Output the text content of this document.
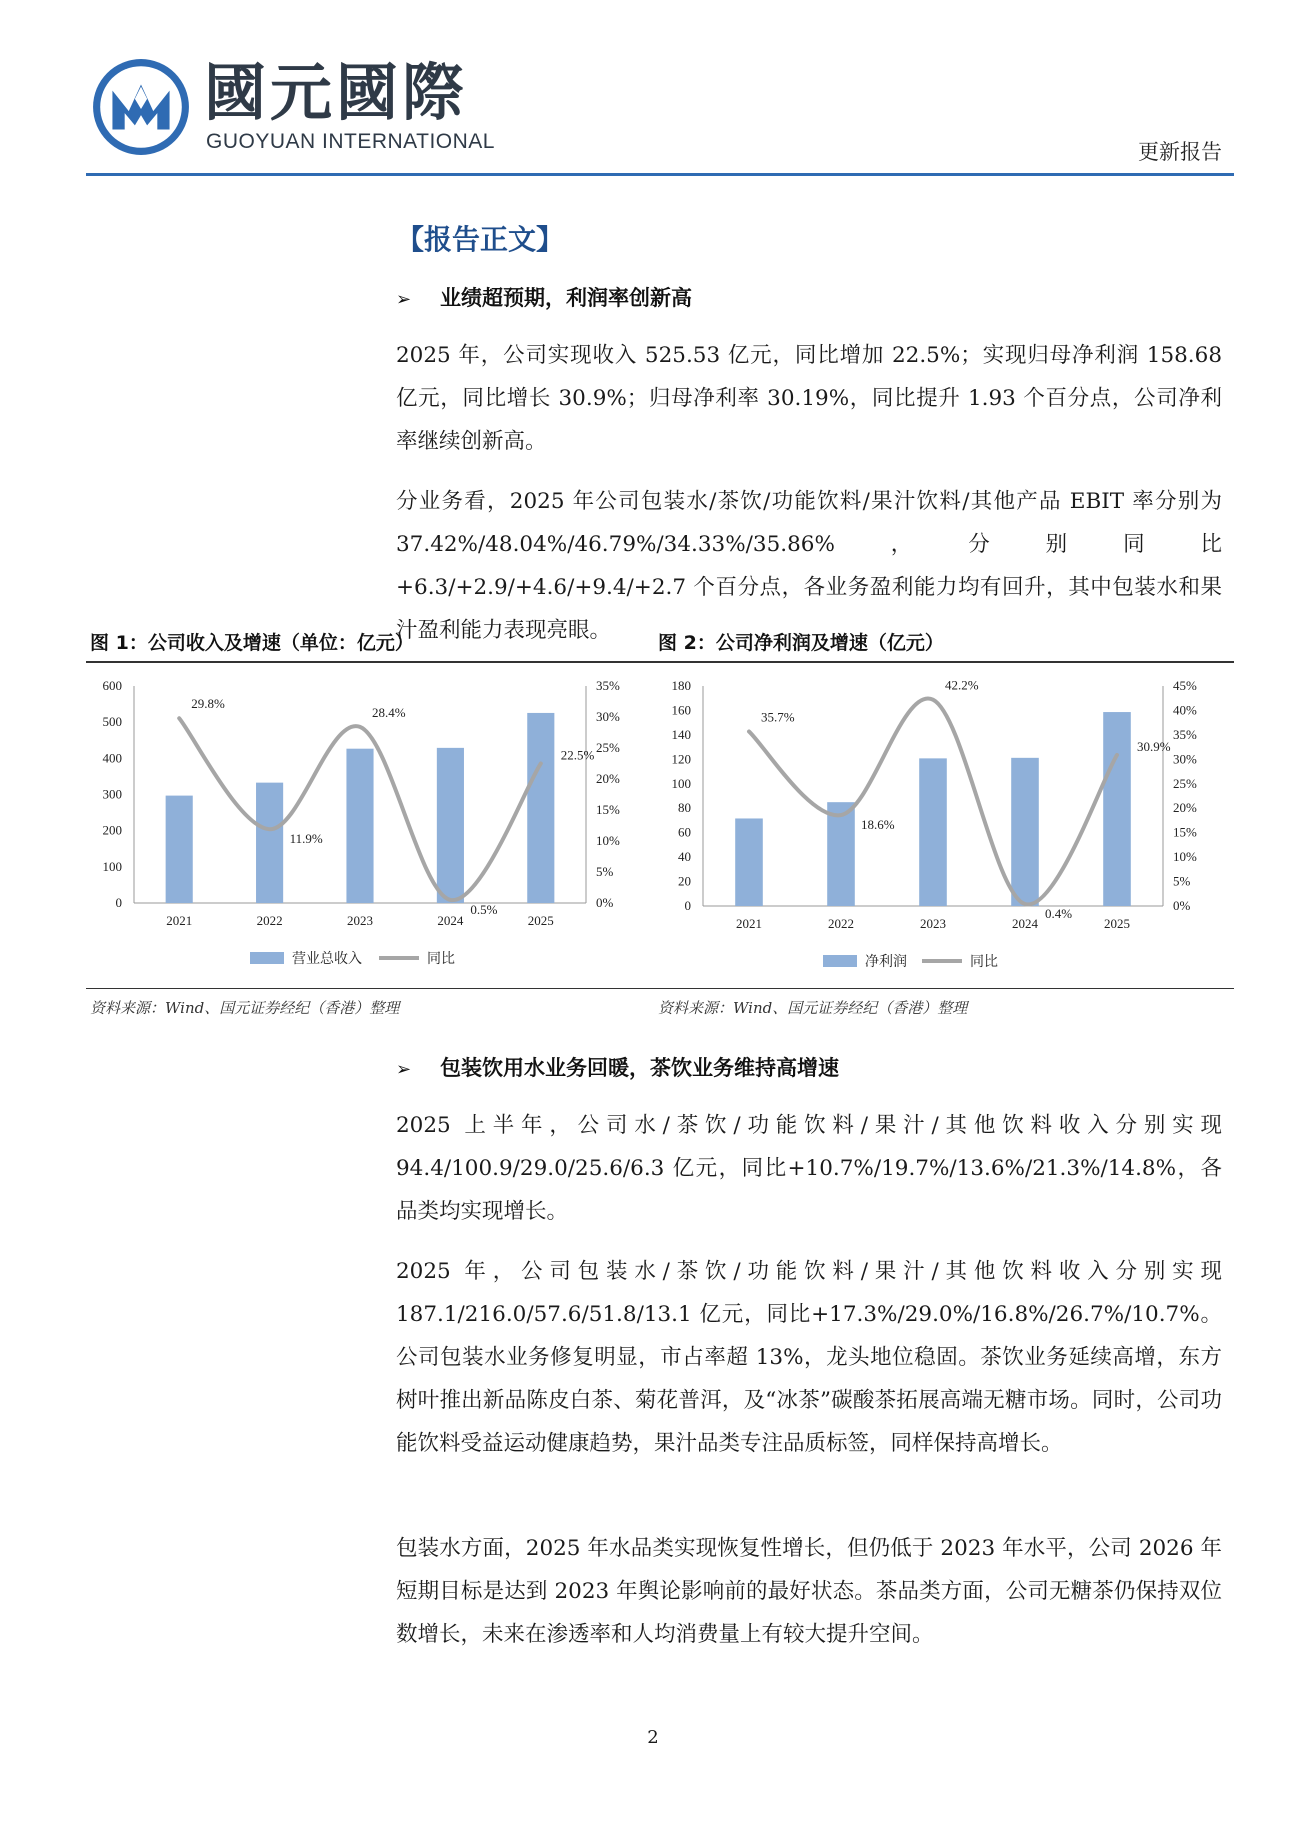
國元國際
GUOYUAN INTERNATIONAL	更新报告
【报告正文】
➢ 业绩超预期，利润率创新高
2025 年，公司实现收入 525.53 亿元，同比增加 22.5%；实现归母净利润 158.68 亿元，同比增长 30.9%；归母净利率 30.19%，同比提升 1.93 个百分点，公司净利率继续创新高。
分业务看，2025 年公司包装水/茶饮/功能饮料/果汁饮料/其他产品 EBIT 率分别为 37.42%/48.04%/46.79%/34.33%/35.86%，分别同比+6.3/+2.9/+4.6/+9.4/+2.7 个百分点，各业务盈利能力均有回升，其中包装水和果汁盈利能力表现亮眼。
图 1：公司收入及增速（单位：亿元）	图 2：公司净利润及增速（亿元）
0
100
200
300
400
500
600
0%
5%
10%
15%
20%
25%
30%
35%
2021	2022	2023	2024	2025
29.8%
11.9%
28.4%
0.5%
22.5%
营业总收入	同比
0
20
40
60
80
100
120
140
160
180
0%
5%
10%
15%
20%
25%
30%
35%
40%
45%
2021	2022	2023	2024	2025
35.7%
18.6%
42.2%
0.4%
30.9%
净利润	同比
资料来源：Wind、国元证券经纪（香港）整理	资料来源：Wind、国元证券经纪（香港）整理
➢ 包装饮用水业务回暖，茶饮业务维持高增速
2025 上半年，公司水/茶饮/功能饮料/果汁/其他饮料收入分别实现 94.4/100.9/29.0/25.6/6.3 亿元，同比+10.7%/19.7%/13.6%/21.3%/14.8%，各品类均实现增长。
2025 年，公司包装水/茶饮/功能饮料/果汁/其他饮料收入分别实现 187.1/216.0/57.6/51.8/13.1 亿元，同比+17.3%/29.0%/16.8%/26.7%/10.7%。公司包装水业务修复明显，市占率超 13%，龙头地位稳固。茶饮业务延续高增，东方树叶推出新品陈皮白茶、菊花普洱，及“冰茶”碳酸茶拓展高端无糖市场。同时，公司功能饮料受益运动健康趋势，果汁品类专注品质标签，同样保持高增长。
包装水方面，2025 年水品类实现恢复性增长，但仍低于 2023 年水平，公司 2026 年短期目标是达到 2023 年舆论影响前的最好状态。茶品类方面，公司无糖茶仍保持双位数增长，未来在渗透率和人均消费量上有较大提升空间。
2
